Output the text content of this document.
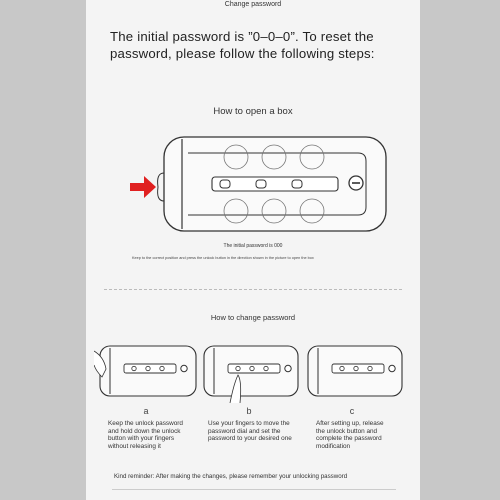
Change password
The initial password is ”0–0–0”. To reset the password, please follow the following steps:
How to open a box
The initial password is 000
Keep to the correct position and press the unlock button in the direction shown in the picture to open the box
How to change password
a	b	c
Keep the unlock password and hold down the unlock button with your fingers without releasing it
Use your fingers to move the password dial and set the password to your desired one
After setting up, release the unlock button and complete the password modification
Kind reminder: After making the changes, please remember your unlocking password
